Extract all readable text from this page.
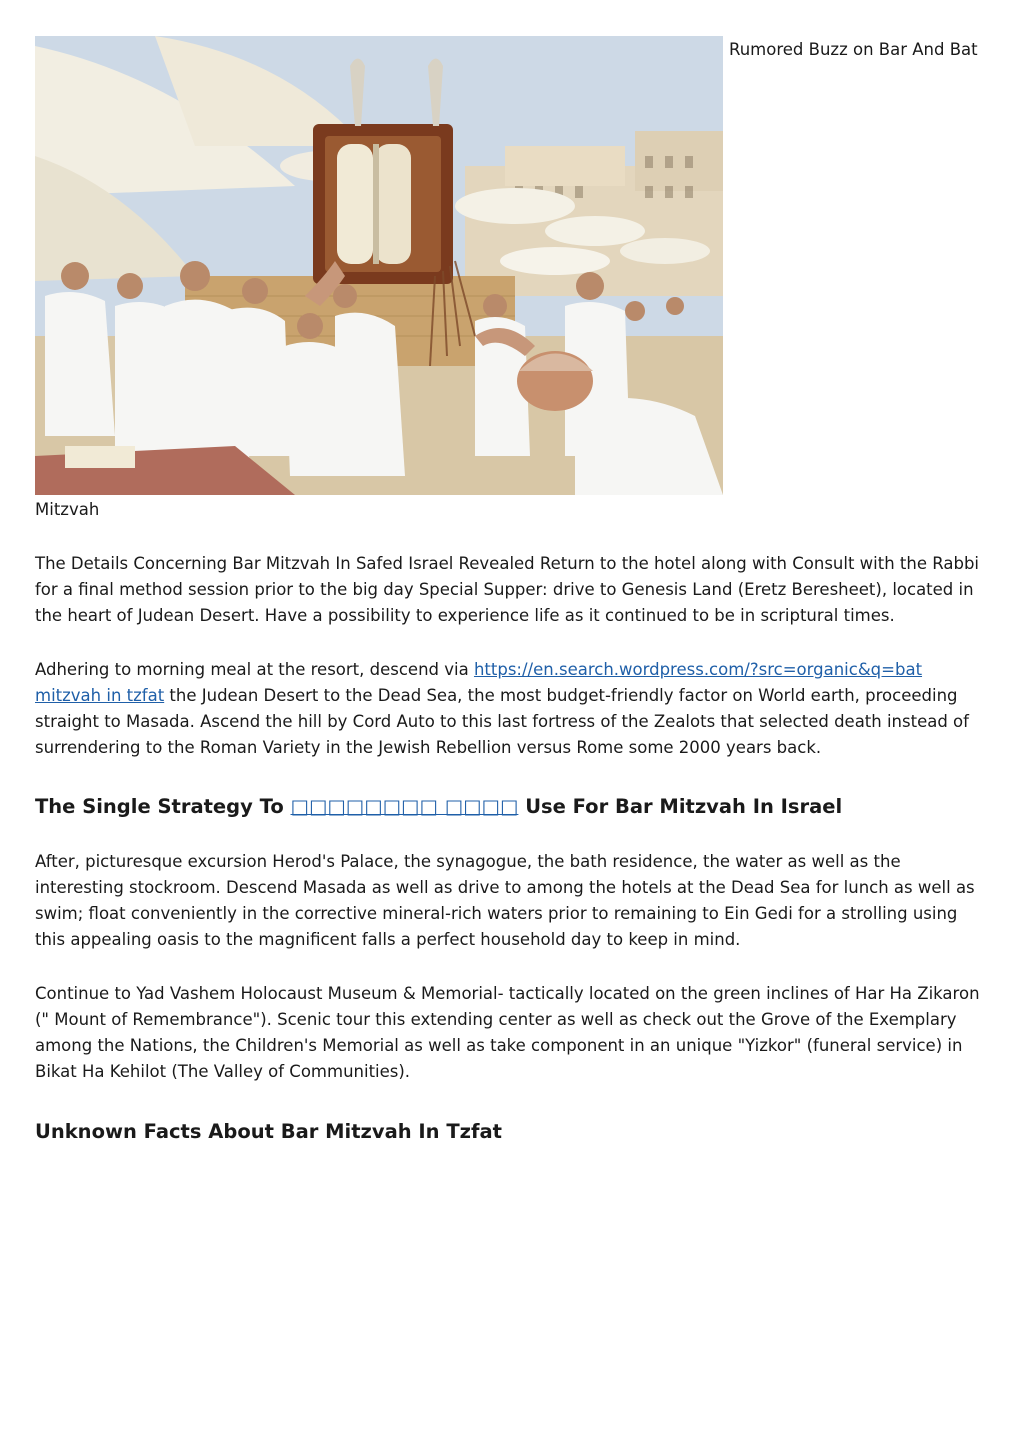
Rumored Buzz on Bar And Bat
Mitzvah

The Details Concerning Bar Mitzvah In Safed Israel Revealed Return to the hotel along with Consult with the Rabbi for a final method session prior to the big day Special Supper: drive to Genesis Land (Eretz Beresheet), located in the heart of Judean Desert. Have a possibility to experience life as it continued to be in scriptural times.

Adhering to morning meal at the resort, descend via https://en.search.wordpress.com/?src=organic&q=bat mitzvah in tzfat the Judean Desert to the Dead Sea, the most budget-friendly factor on World earth, proceeding straight to Masada. Ascend the hill by Cord Auto to this last fortress of the Zealots that selected death instead of surrendering to the Roman Variety in the Jewish Rebellion versus Rome some 2000 years back.

The Single Strategy To □□□□□□□□ □□□□ Use For Bar Mitzvah In Israel

After, picturesque excursion Herod's Palace, the synagogue, the bath residence, the water as well as the interesting stockroom. Descend Masada as well as drive to among the hotels at the Dead Sea for lunch as well as swim; float conveniently in the corrective mineral-rich waters prior to remaining to Ein Gedi for a strolling using this appealing oasis to the magnificent falls a perfect household day to keep in mind.

Continue to Yad Vashem Holocaust Museum & Memorial- tactically located on the green inclines of Har Ha Zikaron (" Mount of Remembrance"). Scenic tour this extending center as well as check out the Grove of the Exemplary among the Nations, the Children's Memorial as well as take component in an unique "Yizkor" (funeral service) in Bikat Ha Kehilot (The Valley of Communities).

Unknown Facts About Bar Mitzvah In Tzfat
